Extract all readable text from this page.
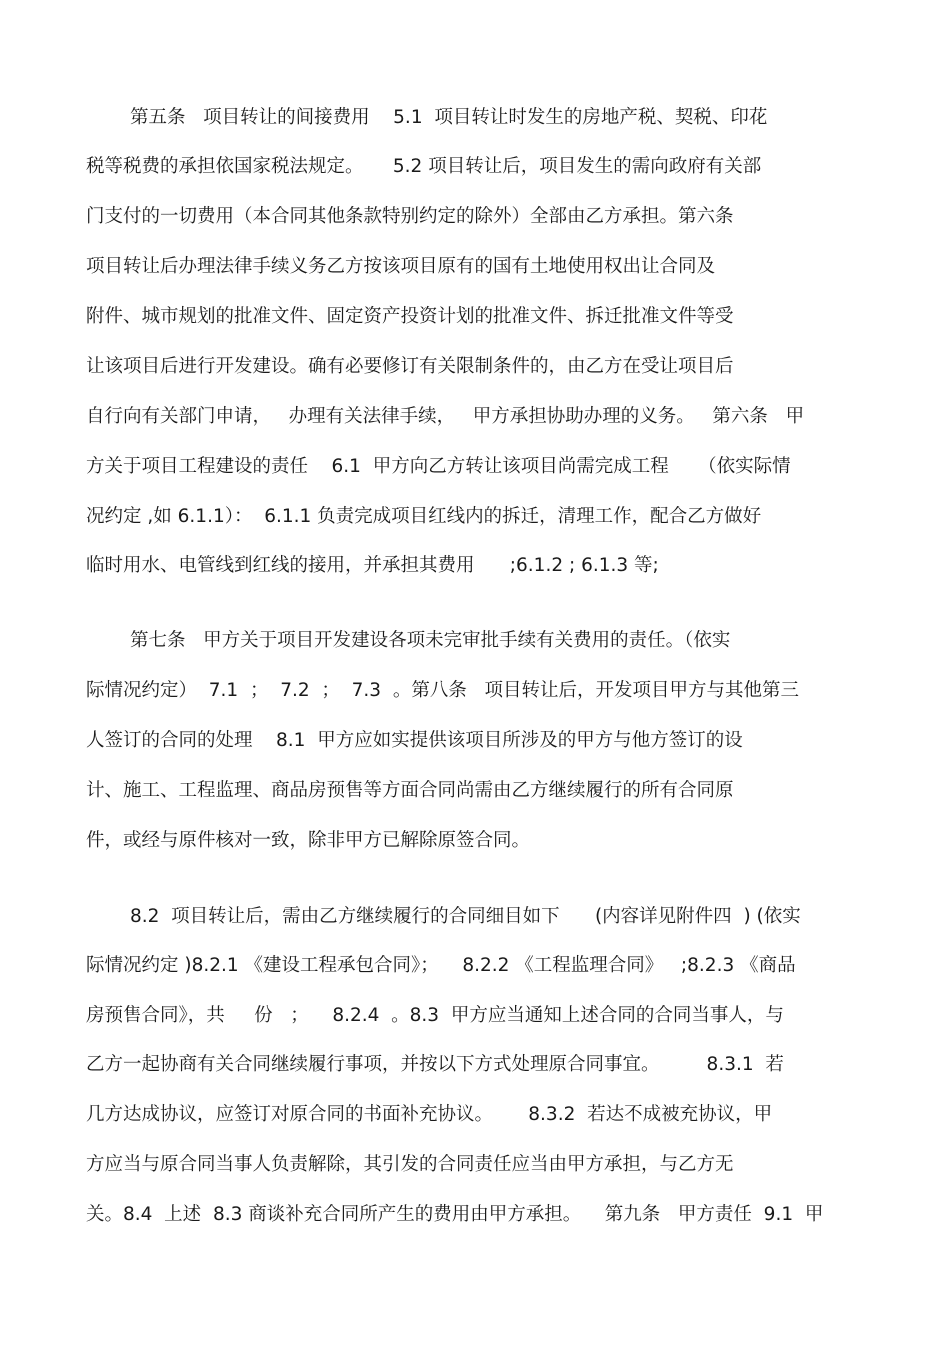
第五条   项目转让的间接费用    5.1  项目转让时发生的房地产税、契税、印花
税等税费的承担依国家税法规定。     5.2 项目转让后，项目发生的需向政府有关部
门支付的一切费用（本合同其他条款特别约定的除外）全部由乙方承担。第六条
项目转让后办理法律手续义务乙方按该项目原有的国有土地使用权出让合同及
附件、城市规划的批准文件、固定资产投资计划的批准文件、拆迁批准文件等受
让该项目后进行开发建设。确有必要修订有关限制条件的，由乙方在受让项目后
自行向有关部门申请，   办理有关法律手续，   甲方承担协助办理的义务。   第六条   甲
方关于项目工程建设的责任    6.1  甲方向乙方转让该项目尚需完成工程     （依实际情
况约定 ,如 6.1.1）：  6.1.1 负责完成项目红线内的拆迁，清理工作，配合乙方做好
临时用水、电管线到红线的接用，并承担其费用      ;6.1.2 ; 6.1.3 等;
第七条   甲方关于项目开发建设各项未完审批手续有关费用的责任。（依实
际情况约定）  7.1  ；  7.2  ；  7.3  。第八条   项目转让后，开发项目甲方与其他第三
人签订的合同的处理    8.1  甲方应如实提供该项目所涉及的甲方与他方签订的设
计、施工、工程监理、商品房预售等方面合同尚需由乙方继续履行的所有合同原
件，或经与原件核对一致，除非甲方已解除原签合同。
8.2  项目转让后，需由乙方继续履行的合同细目如下      (内容详见附件四  ) (依实
际情况约定 )8.2.1 《建设工程承包合同》；    8.2.2 《工程监理合同》   ;8.2.3 《商品
房预售合同》，共     份   ；    8.2.4  。8.3  甲方应当通知上述合同的合同当事人，与
乙方一起协商有关合同继续履行事项，并按以下方式处理原合同事宜。        8.3.1  若
几方达成协议，应签订对原合同的书面补充协议。      8.3.2  若达不成被充协议，甲
方应当与原合同当事人负责解除，其引发的合同责任应当由甲方承担，与乙方无
关。8.4  上述  8.3 商谈补充合同所产生的费用由甲方承担。    第九条   甲方责任  9.1  甲
